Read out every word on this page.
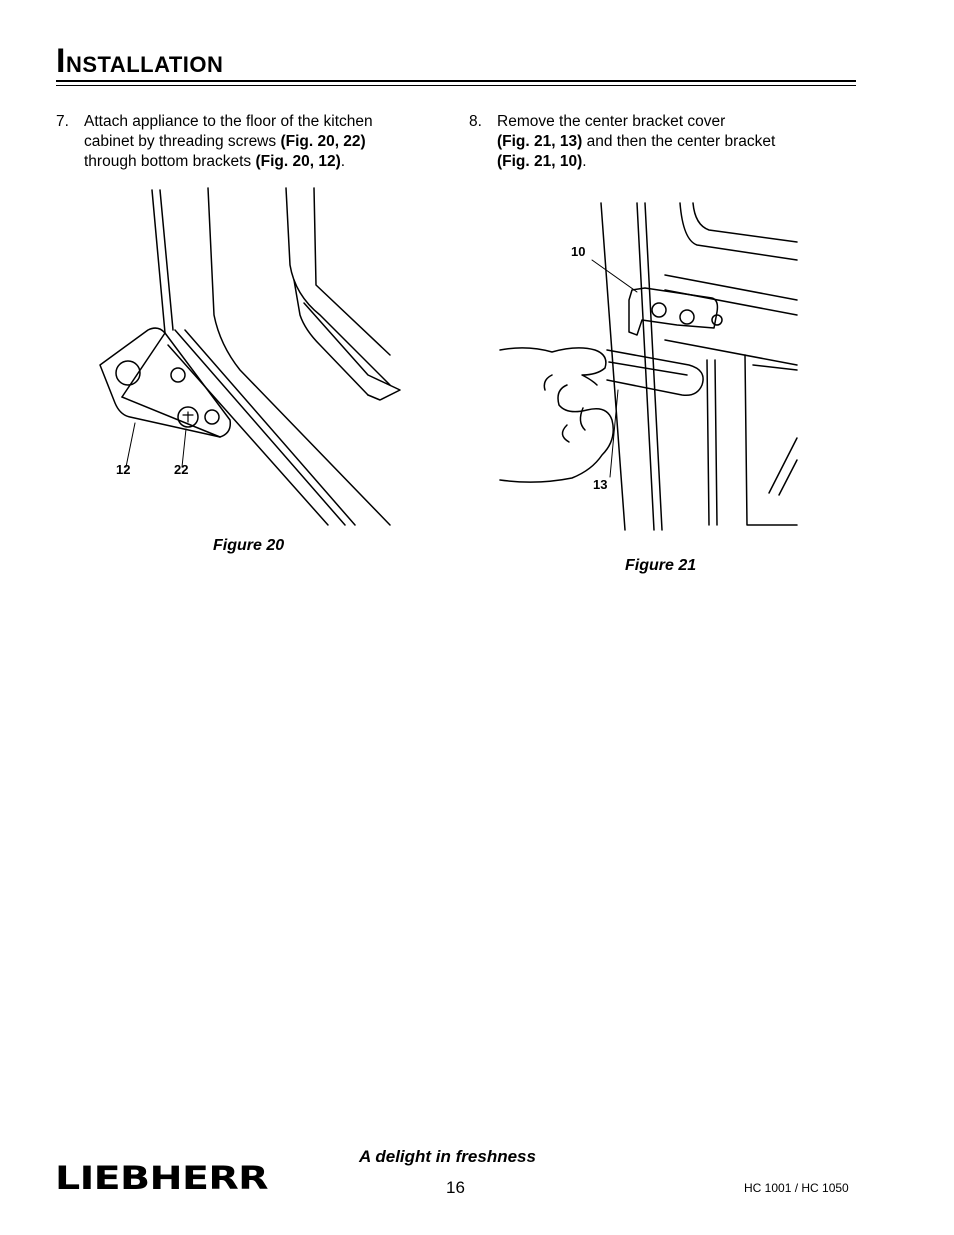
Installation
7. Attach appliance to the floor of the kitchen
cabinet by threading screws (Fig. 20, 22)
through bottom brackets (Fig. 20, 12).
8. Remove the center bracket cover
(Fig. 21, 13) and then the center bracket
(Fig. 21, 10).
12	22
Figure 20
10
13
Figure 21
A delight in freshness
16	HC 1001 / HC 1050
LIEBHERR
